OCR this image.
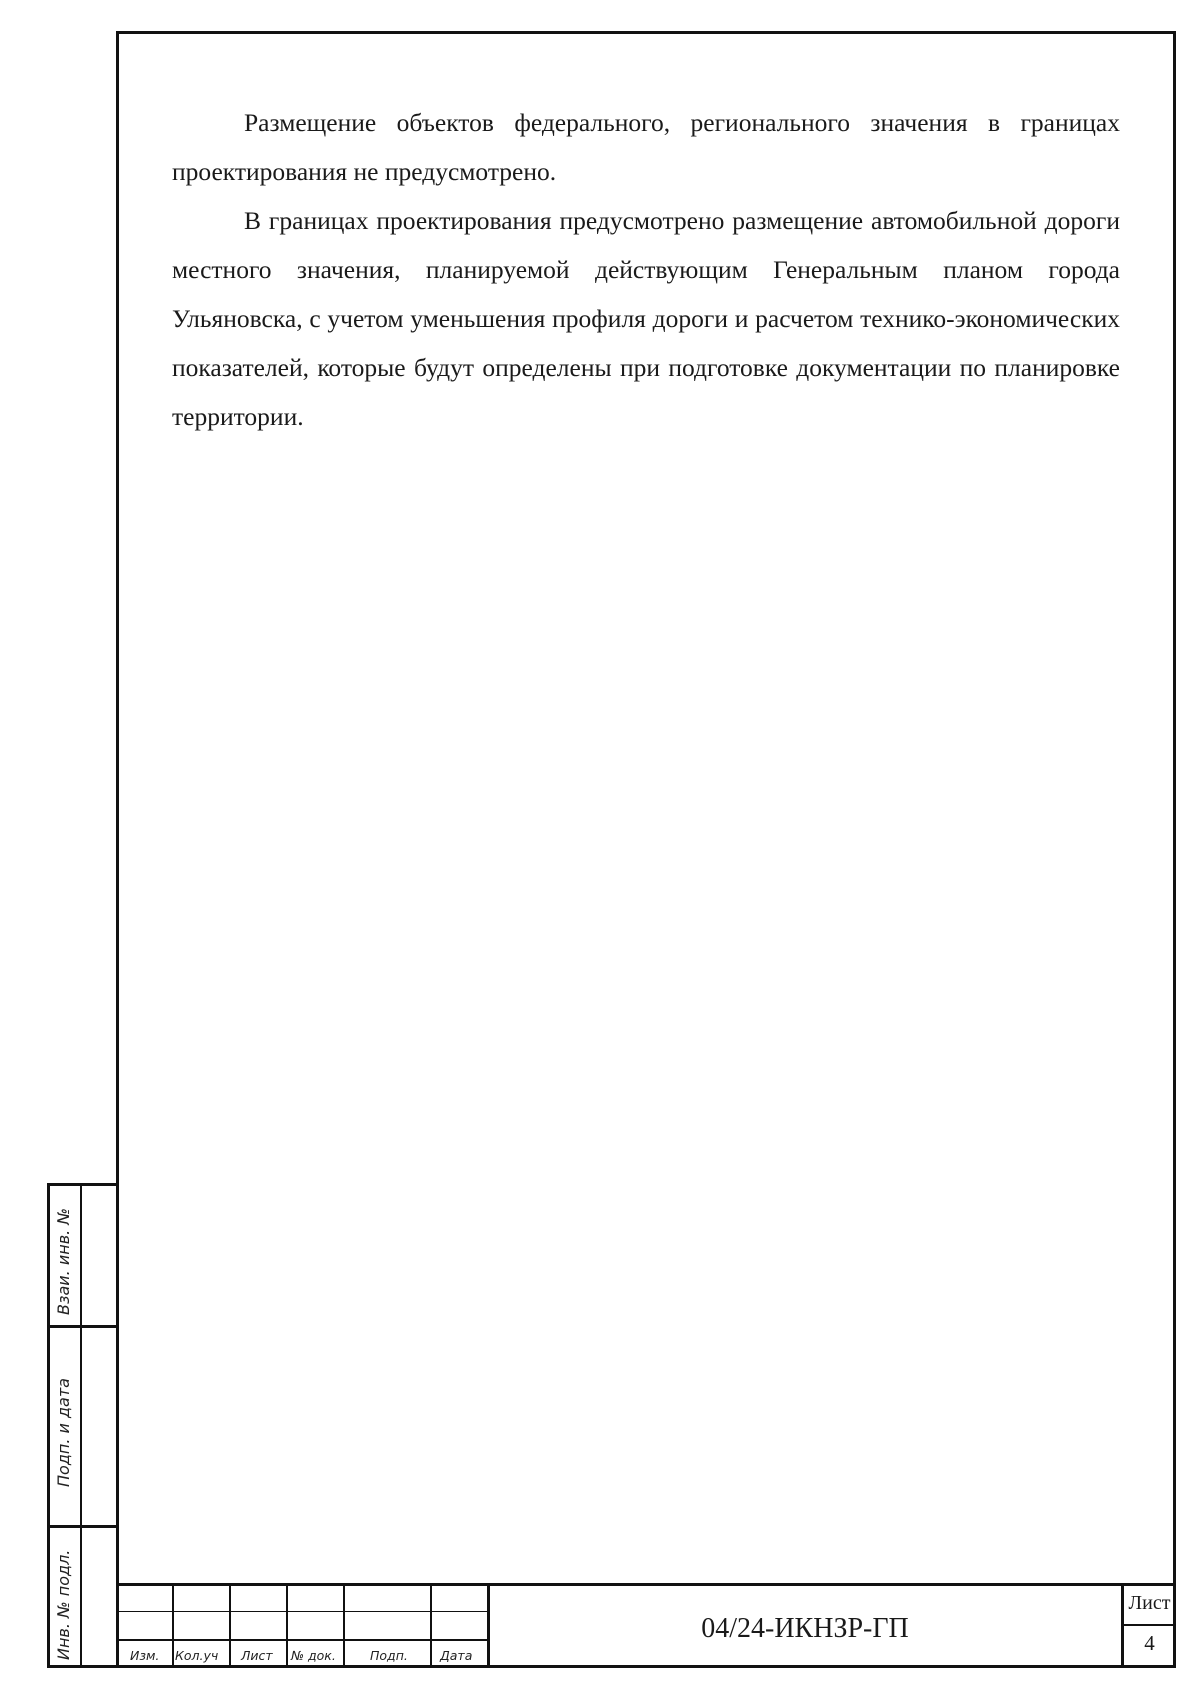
Размещение объектов федерального, регионального значения в границах проектирования не предусмотрено.

В границах проектирования предусмотрено размещение автомобильной дороги местного значения, планируемой действующим Генеральным планом города Ульяновска, с учетом уменьшения профиля дороги и расчетом технико-экономических показателей, которые будут определены при подготовке документации по планировке территории.

Взаи. инв. №
Подп. и дата
Инв. № подл.	Изм. Кол.уч Лист № док.	Подп.	Дата
04/24-ИКНЗР-ГП
Лист
4
